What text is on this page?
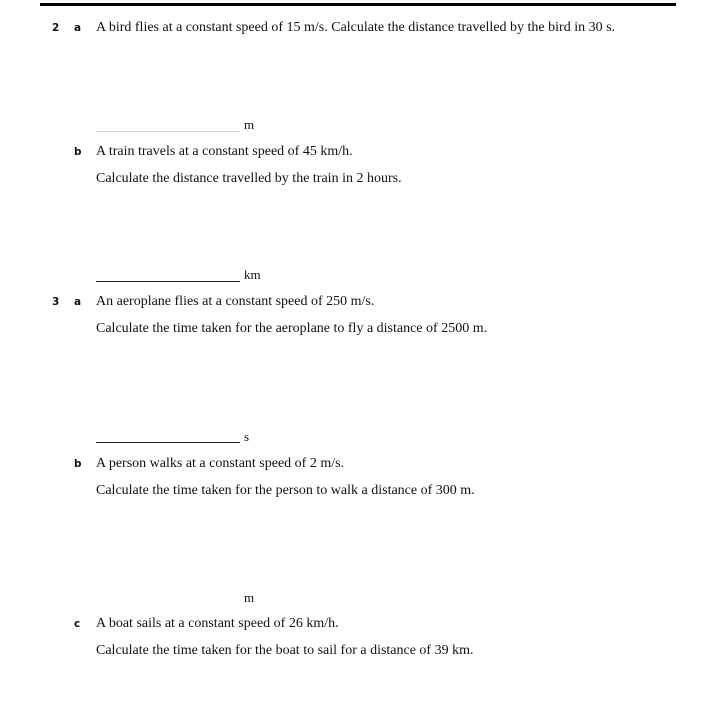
2 a A bird flies at a constant speed of 15 m/s. Calculate the distance travelled by the bird in 30 s.
m
b A train travels at a constant speed of 45 km/h.
Calculate the distance travelled by the train in 2 hours.
km
3 a An aeroplane flies at a constant speed of 250 m/s.
Calculate the time taken for the aeroplane to fly a distance of 2500 m.
s
b A person walks at a constant speed of 2 m/s.
Calculate the time taken for the person to walk a distance of 300 m.
m
c A boat sails at a constant speed of 26 km/h.
Calculate the time taken for the boat to sail for a distance of 39 km.
